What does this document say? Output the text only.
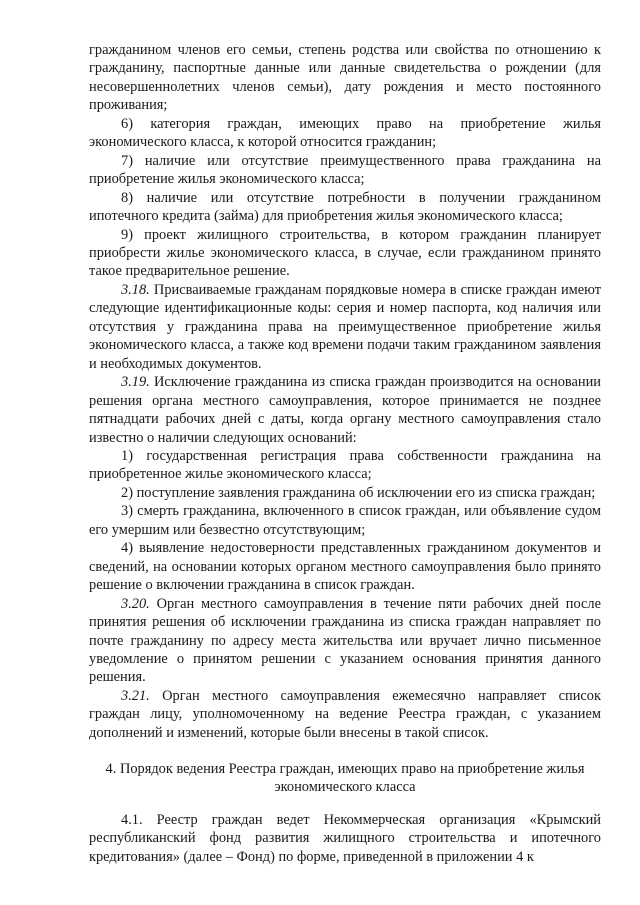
гражданином членов его семьи, степень родства или свойства по отношению к гражданину, паспортные данные или данные свидетельства о рождении (для несовершеннолетних членов семьи), дату рождения и место постоянного проживания;

6) категория граждан, имеющих право на приобретение жилья экономического класса, к которой относится гражданин;

7) наличие или отсутствие преимущественного права гражданина на приобретение жилья экономического класса;

8) наличие или отсутствие потребности в получении гражданином ипотечного кредита (займа) для приобретения жилья экономического класса;

9) проект жилищного строительства, в котором гражданин планирует приобрести жилье экономического класса, в случае, если гражданином принято такое предварительное решение.

3.18. Присваиваемые гражданам порядковые номера в списке граждан имеют следующие идентификационные коды: серия и номер паспорта, код наличия или отсутствия у гражданина права на преимущественное приобретение жилья экономического класса, а также код времени подачи таким гражданином заявления и необходимых документов.

3.19. Исключение гражданина из списка граждан производится на основании решения органа местного самоуправления, которое принимается не позднее пятнадцати рабочих дней с даты, когда органу местного самоуправления стало известно о наличии следующих оснований:

1) государственная регистрация права собственности гражданина на приобретенное жилье экономического класса;

2) поступление заявления гражданина об исключении его из списка граждан;

3) смерть гражданина, включенного в список граждан, или объявление судом его умершим или безвестно отсутствующим;

4) выявление недостоверности представленных гражданином документов и сведений, на основании которых органом местного самоуправления было принято решение о включении гражданина в список граждан.

3.20. Орган местного самоуправления в течение пяти рабочих дней после принятия решения об исключении гражданина из списка граждан направляет по почте гражданину по адресу места жительства или вручает лично письменное уведомление о принятом решении с указанием основания принятия данного решения.

3.21. Орган местного самоуправления ежемесячно направляет список граждан лицу, уполномоченному на ведение Реестра граждан, с указанием дополнений и изменений, которые были внесены в такой список.

4. Порядок ведения Реестра граждан, имеющих право на приобретение жилья экономического класса

4.1. Реестр граждан ведет Некоммерческая организация «Крымский республиканский фонд развития жилищного строительства и ипотечного кредитования» (далее – Фонд) по форме, приведенной в приложении 4 к
